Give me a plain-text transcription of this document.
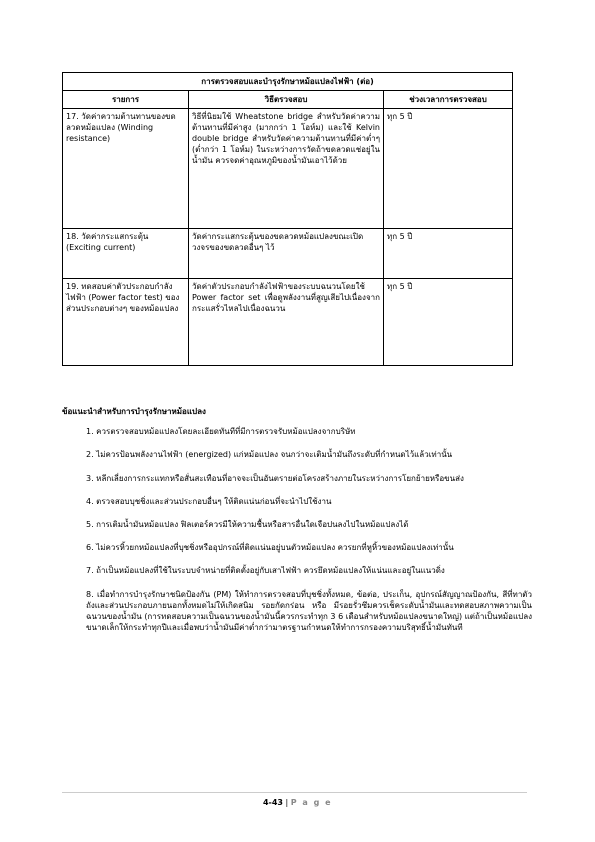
การตรวจสอบและบำรุงรักษาหม้อแปลงไฟฟ้า (ต่อ)		
รายการ	วิธีตรวจสอบ	ช่วงเวลาการตรวจสอบ
17. วัดค่าความต้านทานของขดลวดหม้อแปลง (Winding resistance)	วิธีที่นิยมใช้ Wheatstone bridge สำหรับวัดค่าความต้านทานที่มีค่าสูง (มากกว่า 1 โอห์ม) และใช้ Kelvin double bridge สำหรับวัดค่าความต้านทานที่มีค่าต่ำๆ (ต่ำกว่า 1 โอห์ม) ในระหว่างการวัดถ้าขดลวดแช่อยู่ในน้ำมัน ควรจดค่าอุณหภูมิของน้ำมันเอาไว้ด้วย	ทุก 5 ปี
18. วัดค่ากระแสกระตุ้น (Exciting current)	วัดค่ากระแสกระตุ้นของขดลวดหม้อแปลงขณะเปิดวงจรของขดลวดอื่นๆ ไว้	ทุก 5 ปี
19. ทดสอบค่าตัวประกอบกำลังไฟฟ้า (Power factor test) ของส่วนประกอบต่างๆ ของหม้อแปลง	วัดค่าตัวประกอบกำลังไฟฟ้าของระบบฉนวนโดยใช้ Power factor set เพื่อดูพลังงานที่สูญเสียไปเนื่องจากกระแสรั่วไหลไปเนื่องฉนวน	ทุก 5 ปี
ข้อแนะนำสำหรับการบำรุงรักษาหม้อแปลง
1. ควรตรวจสอบหม้อแปลงโดยละเอียดทันทีที่มีการตรวจรับหม้อแปลงจากบริษัท
2. ไม่ควรป้อนพลังงานไฟฟ้า (energized) แก่หม้อแปลง จนกว่าจะเติมน้ำมันถึงระดับที่กำหนดไว้แล้วเท่านั้น
3. หลีกเลี่ยงการกระแทกหรือสั่นสะเทือนที่อาจจะเป็นอันตรายต่อโครงสร้างภายในระหว่างการโยกย้ายหรือขนส่ง
4. ตรวจสอบบุชชิ่งและส่วนประกอบอื่นๆ ให้ติดแน่นก่อนที่จะนำไปใช้งาน
5. การเติมน้ำมันหม้อแปลง ฟิลเตอร์ควรมีให้ความชื้นหรือสารอื่นใดเจือปนลงไปในหม้อแปลงได้
6. ไม่ควรหิ้วยกหม้อแปลงที่บุชชิ่งหรืออุปกรณ์ที่ติดแน่นอยู่บนตัวหม้อแปลง ควรยกที่หูหิ้วของหม้อแปลงเท่านั้น
7. ถ้าเป็นหม้อแปลงที่ใช้ในระบบจำหน่ายที่ติดตั้งอยู่กับเสาไฟฟ้า ควรยึดหม้อแปลงให้แน่นและอยู่ในแนวดิ่ง
8. เมื่อทำการบำรุงรักษาชนิดป้องกัน (PM) ให้ทำการตรวจสอบที่บุชชิ่งทั้งหมด, ข้อต่อ, ประเก็น, อุปกรณ์สัญญาณป้องกัน, สีที่ทาตัวถังและส่วนประกอบภายนอกทั้งหมดไม่ให้เกิดสนิม รอยกัดกร่อน หรือ มีรอยรั่วซึมควรเช็คระดับน้ำมันและทดสอบสภาพความเป็นฉนวนของน้ำมัน (การทดสอบความเป็นฉนวนของน้ำมันนี้ควรกระทำทุก 3 6 เดือนสำหรับหม้อแปลงขนาดใหญ่) แต่ถ้าเป็นหม้อแปลงขนาดเล็กให้กระทำทุกปีและเมื่อพบว่าน้ำมันมีค่าต่ำกว่ามาตรฐานกำหนดให้ทำการกรองความบริสุทธิ์น้ำมันทันที
4-43 | P a g e
